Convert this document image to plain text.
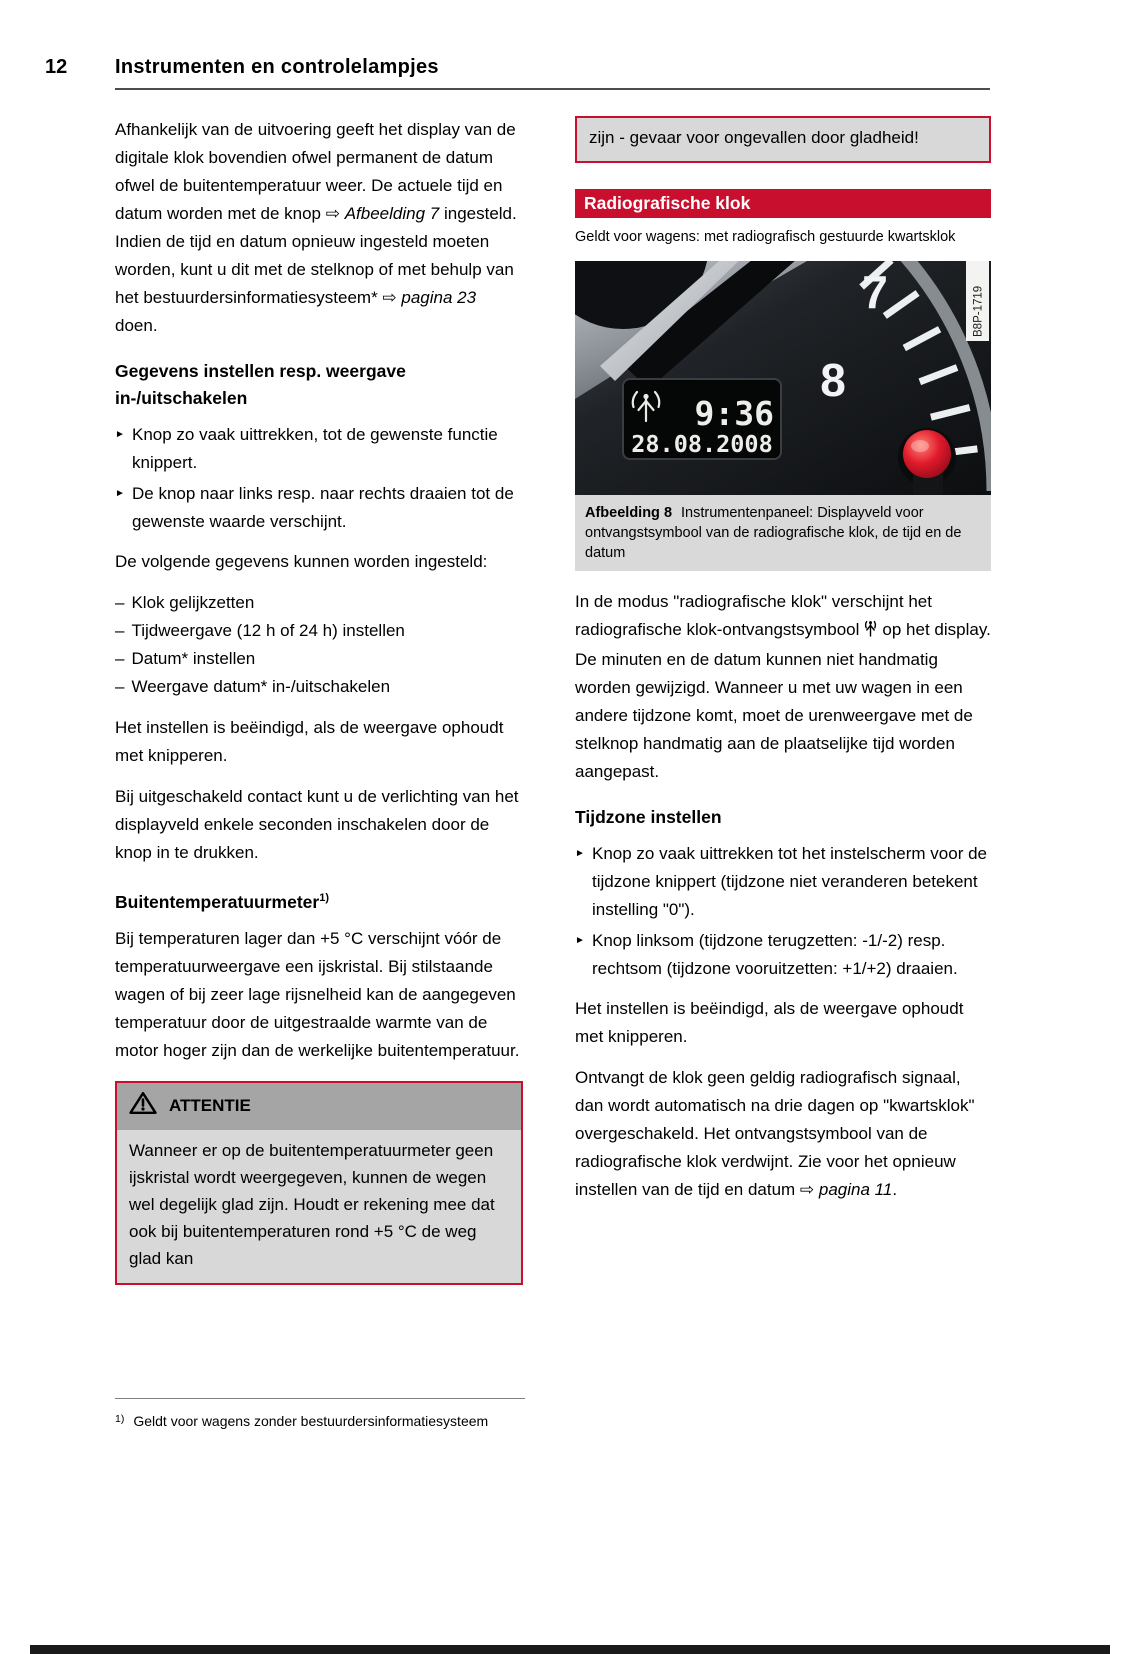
12 Instrumenten en controlelampjes

Afhankelijk van de uitvoering geeft het display van de digitale klok bovendien ofwel permanent de datum ofwel de buitentemperatuur weer. De actuele tijd en datum worden met de knop ⇨ Afbeelding 7 ingesteld. Indien de tijd en datum opnieuw ingesteld moeten worden, kunt u dit met de stelknop of met behulp van het bestuurdersinformatiesysteem* ⇨ pagina 23 doen.

Gegevens instellen resp. weergave in-/uitschakelen
► Knop zo vaak uittrekken, tot de gewenste functie knippert.
► De knop naar links resp. naar rechts draaien tot de gewenste waarde verschijnt.

De volgende gegevens kunnen worden ingesteld:

– Klok gelijkzetten
– Tijdweergave (12 h of 24 h) instellen
– Datum* instellen
– Weergave datum* in-/uitschakelen

Het instellen is beëindigd, als de weergave ophoudt met knipperen.

Bij uitgeschakeld contact kunt u de verlichting van het displayveld enkele seconden inschakelen door de knop in te drukken.

Buitentemperatuurmeter$^{1)}$

Bij temperaturen lager dan +5 °C verschijnt vóór de temperatuurweergave een ijskristal. Bij stilstaande wagen of bij zeer lage rijsnelheid kan de aangegeven temperatuur door de uitgestraalde warmte van de motor hoger zijn dan de werkelijke buitentemperatuur.

ATTENTIE
Wanneer er op de buitentemperatuurmeter geen ijskristal wordt weergegeven, kunnen de wegen wel degelijk glad zijn. Houdt er rekening mee dat ook bij buitentemperaturen rond +5 °C de weg glad kan
zijn - gevaar voor ongevallen door gladheid!
Radiografische klok
Geldt voor wagens: met radiografisch gestuurde kwartsklok
7
8
9:36
28.08.2008
B8P-1719
Afbeelding 8 Instrumentenpaneel: Displayveld voor ontvangstsymbool van de radiografische klok, de tijd en de datum

In de modus "radiografische klok" verschijnt het radiografische klok-ontvangstsymbool op het display. De minuten en de datum kunnen niet handmatig worden gewijzigd. Wanneer u met uw wagen in een andere tijdzone komt, moet de urenweergave met de stelknop handmatig aan de plaatselijke tijd worden aangepast.

Tijdzone instellen
► Knop zo vaak uittrekken tot het instelscherm voor de tijdzone knippert (tijdzone niet veranderen betekent instelling "0").
► Knop linksom (tijdzone terugzetten: -1/-2) resp. rechtsom (tijdzone vooruitzetten: +1/+2) draaien.

Het instellen is beëindigd, als de weergave ophoudt met knipperen.

Ontvangt de klok geen geldig radiografisch signaal, dan wordt automatisch na drie dagen op "kwartsklok" overgeschakeld. Het ontvangstsymbool van de radiografische klok verdwijnt. Zie voor het opnieuw instellen van de tijd en datum ⇨ pagina 11.

1) Geldt voor wagens zonder bestuurdersinformatiesysteem
